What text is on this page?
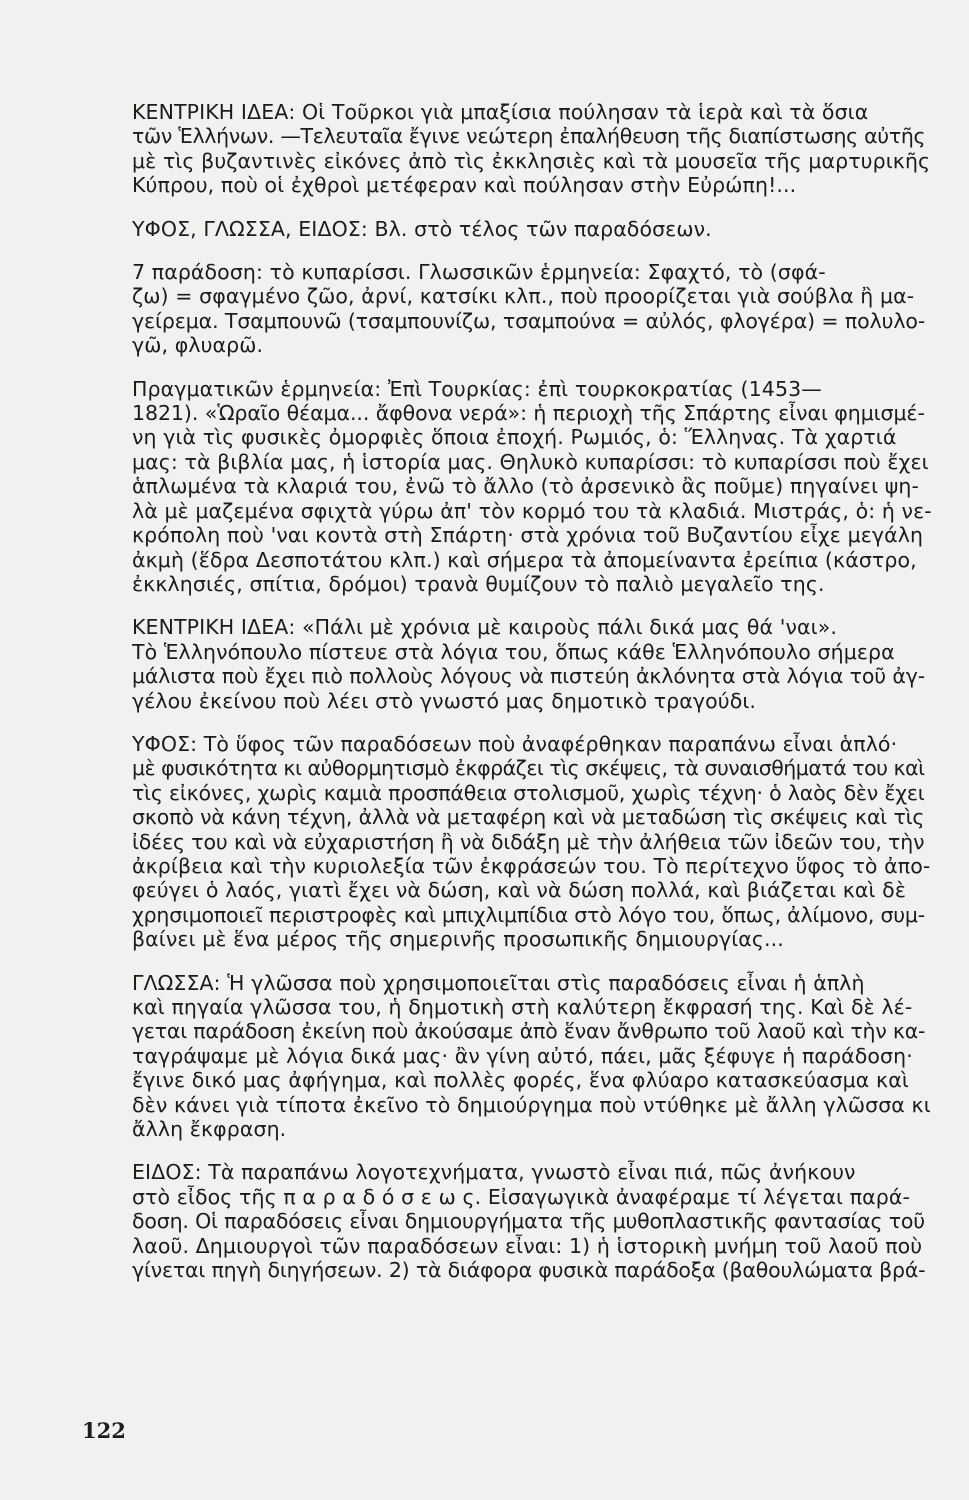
ΚΕΝΤΡΙΚΗ ΙΔΕΑ: Οἱ Τοῦρκοι γιὰ μπαξίσια πούλησαν τὰ ἱερὰ καὶ τὰ ὅσια
τῶν Ἑλλήνων. —Τελευταῖα ἔγινε νεώτερη ἐπαλήθευση τῆς διαπίστωσης αὐτῆς
μὲ τὶς βυζαντινὲς εἰκόνες ἀπὸ τὶς ἐκκλησιὲς καὶ τὰ μουσεῖα τῆς μαρτυρικῆς
Κύπρου, ποὺ οἱ ἐχθροὶ μετέφεραν καὶ πούλησαν στὴν Εὐρώπη!...
ΥΦΟΣ, ΓΛΩΣΣΑ, ΕΙΔΟΣ: Βλ. στὸ τέλος τῶν παραδόσεων.
7 παράδοση: τὸ κυπαρίσσι. Γλωσσικῶν ἑρμηνεία: Σφαχτό, τὸ (σφά-
ζω) = σφαγμένο ζῶο, ἀρνί, κατσίκι κλπ., ποὺ προορίζεται γιὰ σούβλα ἢ μα-
γείρεμα. Τσαμπουνῶ (τσαμπουνίζω, τσαμπούνα = αὐλός, φλογέρα) = πολυλο-
γῶ, φλυαρῶ.
Πραγματικῶν ἑρμηνεία: Ἐπὶ Τουρκίας: ἐπὶ τουρκοκρατίας (1453—
1821). «Ὡραῖο θέαμα... ἄφθονα νερά»: ἡ περιοχὴ τῆς Σπάρτης εἶναι φημισμέ-
νη γιὰ τὶς φυσικὲς ὀμορφιὲς ὅποια ἐποχή. Ρωμιός, ὁ: Ἕλληνας. Τὰ χαρτιά
μας: τὰ βιβλία μας, ἡ ἱστορία μας. Θηλυκὸ κυπαρίσσι: τὸ κυπαρίσσι ποὺ ἔχει
ἁπλωμένα τὰ κλαριά του, ἐνῶ τὸ ἄλλο (τὸ ἀρσενικὸ ἂς ποῦμε) πηγαίνει ψη-
λὰ μὲ μαζεμένα σφιχτὰ γύρω ἀπ' τὸν κορμό του τὰ κλαδιά. Μιστράς, ὁ: ἡ νε-
κρόπολη ποὺ 'ναι κοντὰ στὴ Σπάρτη· στὰ χρόνια τοῦ Βυζαντίου εἶχε μεγάλη
ἀκμὴ (ἕδρα Δεσποτάτου κλπ.) καὶ σήμερα τὰ ἀπομείναντα ἐρείπια (κάστρο,
ἐκκλησιές, σπίτια, δρόμοι) τρανὰ θυμίζουν τὸ παλιὸ μεγαλεῖο της.
ΚΕΝΤΡΙΚΗ ΙΔΕΑ: «Πάλι μὲ χρόνια μὲ καιροὺς πάλι δικά μας θά 'ναι».
Τὸ Ἑλληνόπουλο πίστευε στὰ λόγια του, ὅπως κάθε Ἑλληνόπουλο σήμερα
μάλιστα ποὺ ἔχει πιὸ πολλοὺς λόγους νὰ πιστεύη ἀκλόνητα στὰ λόγια τοῦ ἀγ-
γέλου ἐκείνου ποὺ λέει στὸ γνωστό μας δημοτικὸ τραγούδι.
ΥΦΟΣ: Τὸ ὕφος τῶν παραδόσεων ποὺ ἀναφέρθηκαν παραπάνω εἶναι ἁπλό·
μὲ φυσικότητα κι αὐθορμητισμὸ ἐκφράζει τὶς σκέψεις, τὰ συναισθήματά του καὶ
τὶς εἰκόνες, χωρὶς καμιὰ προσπάθεια στολισμοῦ, χωρὶς τέχνη· ὁ λαὸς δὲν ἔχει
σκοπὸ νὰ κάνη τέχνη, ἀλλὰ νὰ μεταφέρη καὶ νὰ μεταδώση τὶς σκέψεις καὶ τὶς
ἰδέες του καὶ νὰ εὐχαριστήση ἢ νὰ διδάξη μὲ τὴν ἀλήθεια τῶν ἰδεῶν του, τὴν
ἀκρίβεια καὶ τὴν κυριολεξία τῶν ἐκφράσεών του. Τὸ περίτεχνο ὕφος τὸ ἀπο-
φεύγει ὁ λαός, γιατὶ ἔχει νὰ δώση, καὶ νὰ δώση πολλά, καὶ βιάζεται καὶ δὲ
χρησιμοποιεῖ περιστροφὲς καὶ μπιχλιμπίδια στὸ λόγο του, ὅπως, ἀλίμονο, συμ-
βαίνει μὲ ἕνα μέρος τῆς σημερινῆς προσωπικῆς δημιουργίας...
ΓΛΩΣΣΑ: Ἡ γλῶσσα ποὺ χρησιμοποιεῖται στὶς παραδόσεις εἶναι ἡ ἁπλὴ
καὶ πηγαία γλῶσσα του, ἡ δημοτικὴ στὴ καλύτερη ἔκφρασή της. Καὶ δὲ λέ-
γεται παράδοση ἐκείνη ποὺ ἀκούσαμε ἀπὸ ἕναν ἄνθρωπο τοῦ λαοῦ καὶ τὴν κα-
ταγράψαμε μὲ λόγια δικά μας· ἂν γίνη αὐτό, πάει, μᾶς ξέφυγε ἡ παράδοση·
ἔγινε δικό μας ἀφήγημα, καὶ πολλὲς φορές, ἕνα φλύαρο κατασκεύασμα καὶ
δὲν κάνει γιὰ τίποτα ἐκεῖνο τὸ δημιούργημα ποὺ ντύθηκε μὲ ἄλλη γλῶσσα κι
ἄλλη ἔκφραση.
ΕΙΔΟΣ: Τὰ παραπάνω λογοτεχνήματα, γνωστὸ εἶναι πιά, πῶς ἀνήκουν
στὸ εἶδος τῆς π α ρ α δ ό σ ε ω ς. Εἰσαγωγικὰ ἀναφέραμε τί λέγεται παρά-
δοση. Οἱ παραδόσεις εἶναι δημιουργήματα τῆς μυθοπλαστικῆς φαντασίας τοῦ
λαοῦ. Δημιουργοὶ τῶν παραδόσεων εἶναι: 1) ἡ ἱστορικὴ μνήμη τοῦ λαοῦ ποὺ
γίνεται πηγὴ διηγήσεων. 2) τὰ διάφορα φυσικὰ παράδοξα (βαθουλώματα βρά-
122
